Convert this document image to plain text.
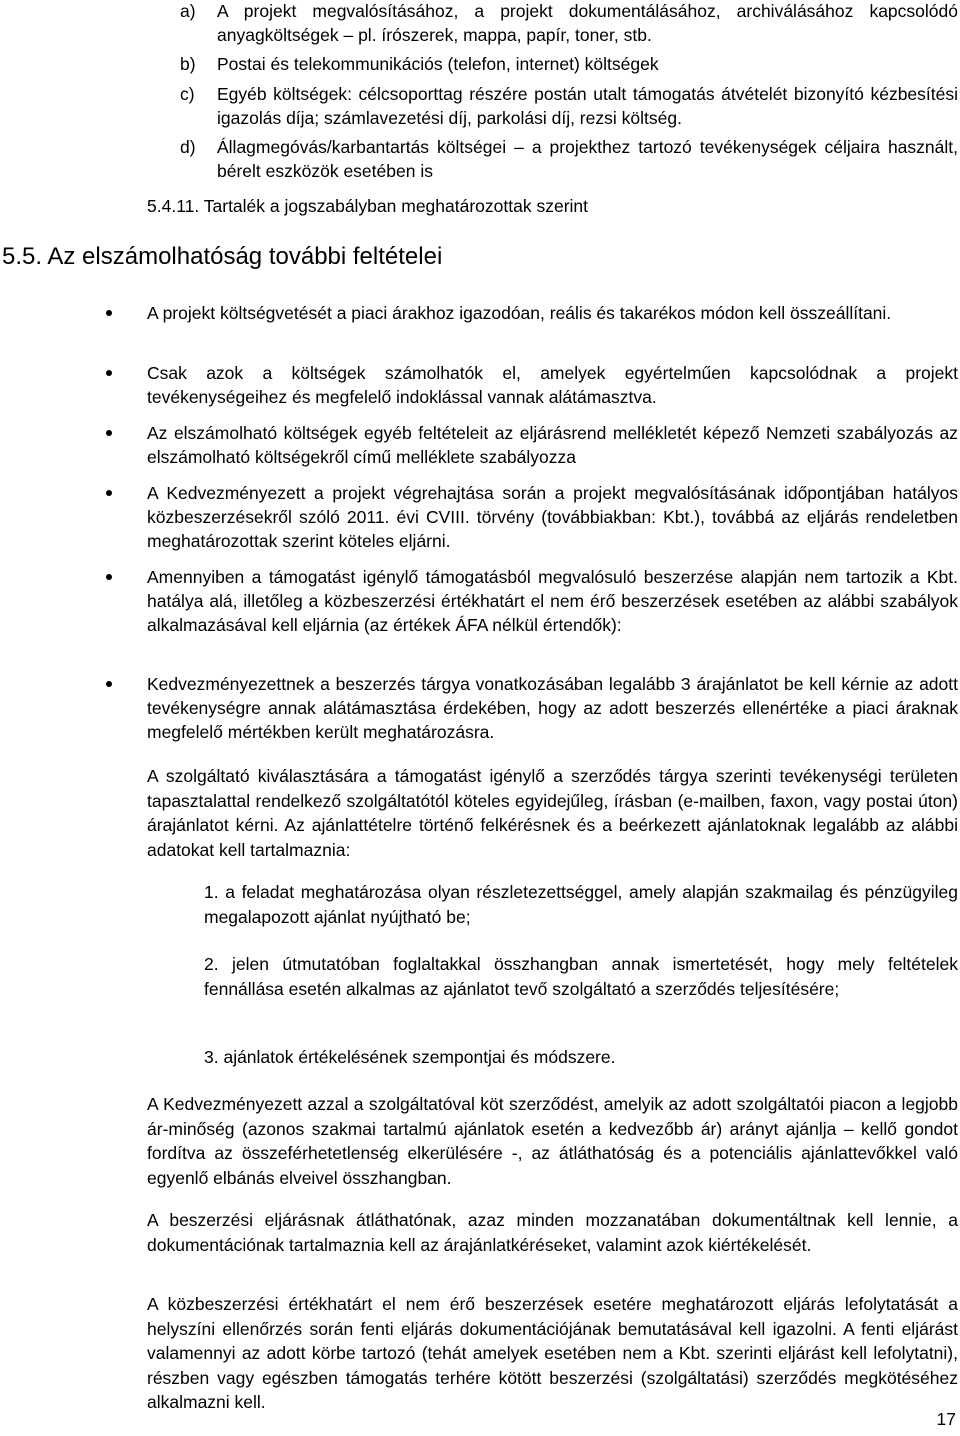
a) A projekt megvalósításához, a projekt dokumentálásához, archiválásához kapcsolódó anyagköltségek – pl. írószerek, mappa, papír, toner, stb.
b) Postai és telekommunikációs (telefon, internet) költségek
c) Egyéb költségek: célcsoporttag részére postán utalt támogatás átvételét bizonyító kézbesítési igazolás díja; számlavezetési díj, parkolási díj, rezsi költség.
d) Állagmegóvás/karbantartás költségei – a projekthez tartozó tevékenységek céljaira használt, bérelt eszközök esetében is
5.4.11. Tartalék a jogszabályban meghatározottak szerint
5.5. Az elszámolhatóság további feltételei
A projekt költségvetését a piaci árakhoz igazodóan, reális és takarékos módon kell összeállítani.
Csak azok a költségek számolhatók el, amelyek egyértelműen kapcsolódnak a projekt tevékenységeihez és megfelelő indoklással vannak alátámasztva.
Az elszámolható költségek egyéb feltételeit az eljárásrend mellékletét képező Nemzeti szabályozás az elszámolható költségekről című melléklete szabályozza
A Kedvezményezett a projekt végrehajtása során a projekt megvalósításának időpontjában hatályos közbeszerzésekről szóló 2011. évi CVIII. törvény (továbbiakban: Kbt.), továbbá az eljárás rendeletben meghatározottak szerint köteles eljárni.
Amennyiben a támogatást igénylő támogatásból megvalósuló beszerzése alapján nem tartozik a Kbt. hatálya alá, illetőleg a közbeszerzési értékhatárt el nem érő beszerzések esetében az alábbi szabályok alkalmazásával kell eljárnia (az értékek ÁFA nélkül értendők):
Kedvezményezettnek a beszerzés tárgya vonatkozásában legalább 3 árajánlatot be kell kérnie az adott tevékenységre annak alátámasztása érdekében, hogy az adott beszerzés ellenértéke a piaci áraknak megfelelő mértékben került meghatározásra.
A szolgáltató kiválasztására a támogatást igénylő a szerződés tárgya szerinti tevékenységi területen tapasztalattal rendelkező szolgáltatótól köteles egyidejűleg, írásban (e-mailben, faxon, vagy postai úton) árajánlatot kérni. Az ajánlattételre történő felkérésnek és a beérkezett ajánlatoknak legalább az alábbi adatokat kell tartalmaznia:
1. a feladat meghatározása olyan részletezettséggel, amely alapján szakmailag és pénzügyileg megalapozott ajánlat nyújtható be;
2. jelen útmutatóban foglaltakkal összhangban annak ismertetését, hogy mely feltételek fennállása esetén alkalmas az ajánlatot tevő szolgáltató a szerződés teljesítésére;
3. ajánlatok értékelésének szempontjai és módszere.
A Kedvezményezett azzal a szolgáltatóval köt szerződést, amelyik az adott szolgáltatói piacon a legjobb ár-minőség (azonos szakmai tartalmú ajánlatok esetén a kedvezőbb ár) arányt ajánlja – kellő gondot fordítva az összeférhetetlenség elkerülésére -, az átláthatóság és a potenciális ajánlattevőkkel való egyenlő elbánás elveivel összhangban.
A beszerzési eljárásnak átláthatónak, azaz minden mozzanatában dokumentáltnak kell lennie, a dokumentációnak tartalmaznia kell az árajánlatkéréseket, valamint azok kiértékelését.
A közbeszerzési értékhatárt el nem érő beszerzések esetére meghatározott eljárás lefolytatását a helyszíni ellenőrzés során fenti eljárás dokumentációjának bemutatásával kell igazolni. A fenti eljárást valamennyi az adott körbe tartozó (tehát amelyek esetében nem a Kbt. szerinti eljárást kell lefolytatni), részben vagy egészben támogatás terhére kötött beszerzési (szolgáltatási) szerződés megkötéséhez alkalmazni kell.
17
